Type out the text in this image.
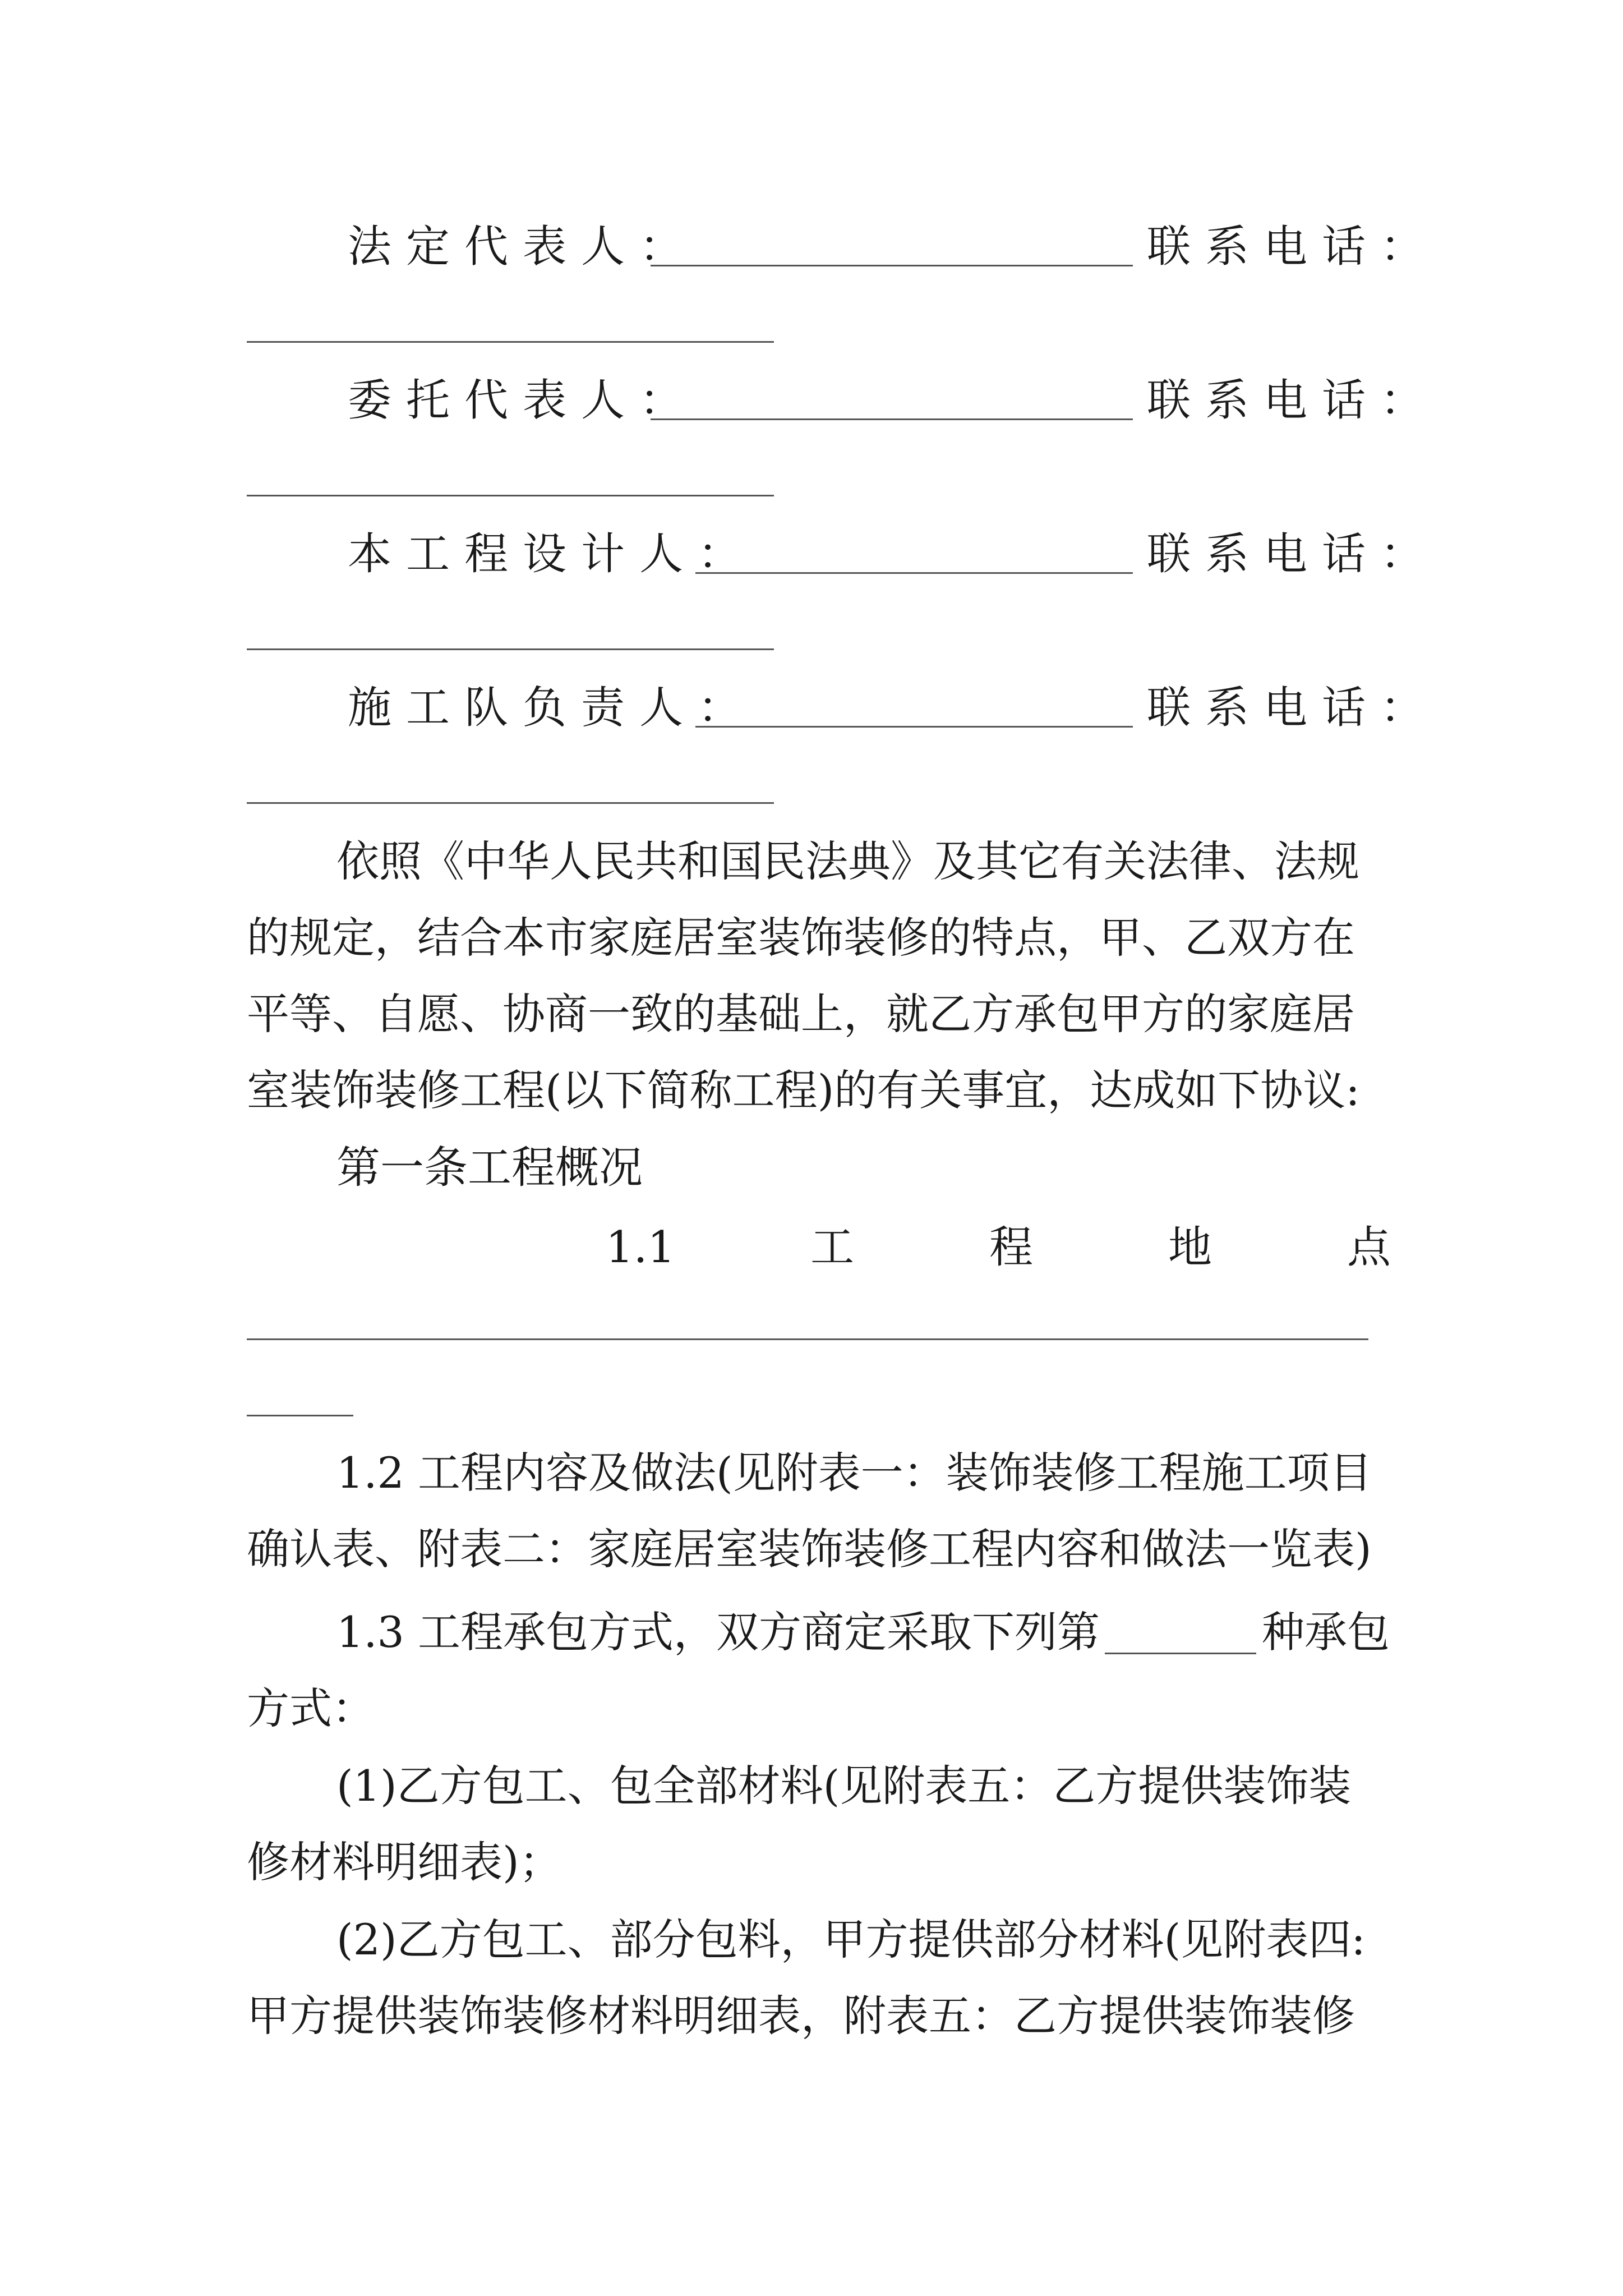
法定代表人：	联系电话：
委托代表人：	联系电话：
本工程设计人：	联系电话：
施工队负责人：	联系电话：
依照《中华人民共和国民法典》及其它有关法律、法规
的规定，结合本市家庭居室装饰装修的特点，甲、乙双方在
平等、自愿、协商一致的基础上，就乙方承包甲方的家庭居
室装饰装修工程(以下简称工程)的有关事宜，达成如下协议:
第一条工程概况
1.1	工	程	地	点
1.2 工程内容及做法(见附表一：装饰装修工程施工项目
确认表、附表二：家庭居室装饰装修工程内容和做法一览表)
1.3 工程承包方式，双方商定采取下列第	种承包
方式：
(1)乙方包工、包全部材料(见附表五：乙方提供装饰装
修材料明细表)；
(2)乙方包工、部分包料，甲方提供部分材料(见附表四:
甲方提供装饰装修材料明细表，附表五：乙方提供装饰装修
